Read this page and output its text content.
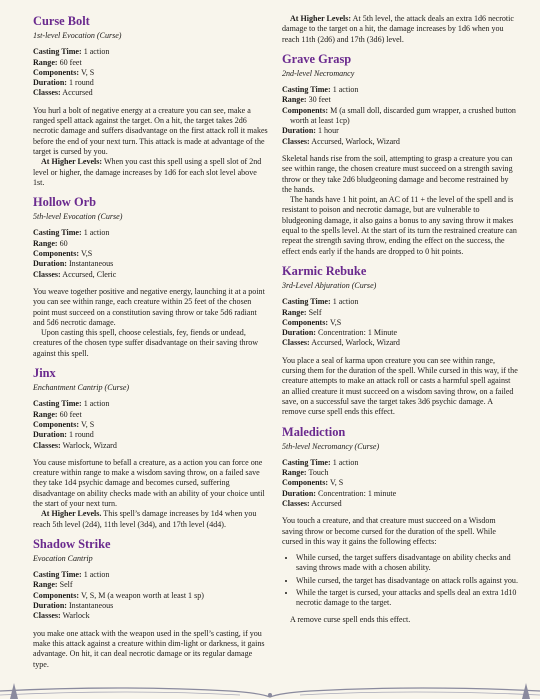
Curse Bolt
1st-level Evocation (Curse)
Casting Time: 1 action
Range: 60 feet
Components: V, S
Duration: 1 round
Classes: Accursed

You hurl a bolt of negative energy at a creature you can see, make a ranged spell attack against the target. On a hit, the target takes 2d6 necrotic damage and suffers disadvantage on the first attack roll it makes before the end of your next turn. This attack is made at advantage of the target is cursed by you.

At Higher Levels: When you cast this spell using a spell slot of 2nd level or higher, the damage increases by 1d6 for each slot level above 1st.

Hollow Orb
5th-level Evocation (Curse)
Casting Time: 1 action
Range: 60
Components: V,S
Duration: Instantaneous
Classes: Accursed, Cleric

You weave together positive and negative energy, launching it at a point you can see within range, each creature within 25 feet of the chosen point must succeed on a constitution saving throw or take 5d6 radiant and 5d6 necrotic damage.

Upon casting this spell, choose celestials, fey, fiends or undead, creatures of the chosen type suffer disadvantage on their saving throw against this spell.

Jinx
Enchantment Cantrip (Curse)
Casting Time: 1 action
Range: 60 feet
Components: V, S
Duration: 1 round
Classes: Warlock, Wizard

You cause misfortune to befall a creature, as a action you can force one creature within range to make a wisdom saving throw, on a failed save they take 1d4 psychic damage and becomes cursed, suffering disadvantage on ability checks made with an ability of your choice until the start of your next turn.

At Higher Levels. This spell’s damage increases by 1d4 when you reach 5th level (2d4), 11th level (3d4), and 17th level (4d4).

Shadow Strike
Evocation Cantrip
Casting Time: 1 action
Range: Self
Components: V, S, M (a weapon worth at least 1 sp)
Duration: Instantaneous
Classes: Warlock

you make one attack with the weapon used in the spell’s casting, if you make this attack against a creature within dim-light or darkness, it gains advantage. On hit, it can deal necrotic damage or its regular damage type.

At Higher Levels: At 5th level, the attack deals an extra 1d6 necrotic damage to the target on a hit, the damage increases by 1d6 when you reach 11th (2d6) and 17th (3d6) level.

Grave Grasp
2nd-level Necromancy
Casting Time: 1 action
Range: 30 feet
Components: M (a small doll, discarded gum wrapper, a crushed button worth at least 1cp)
Duration: 1 hour
Classes: Accursed, Warlock, Wizard

Skeletal hands rise from the soil, attempting to grasp a creature you can see within range, the chosen creature must succeed on a strength saving throw or they take 2d6 bludgeoning damage and become restrained by the hands.

The hands have 1 hit point, an AC of 11 + the level of the spell and is resistant to poison and necrotic damage, but are vulnerable to bludgeoning damage, it also gains a bonus to any saving throw it makes equal to the spells level. At the start of its turn the restrained creature can repeat the strength saving throw, ending the effect on the success, the effect ends early if the hands are dropped to 0 hit points.

Karmic Rebuke
3rd-Level Abjuration (Curse)
Casting Time: 1 action
Range: Self
Components: V,S
Duration: Concentration: 1 Minute
Classes: Accursed, Warlock, Wizard

You place a seal of karma upon creature you can see within range, cursing them for the duration of the spell. While cursed in this way, if the creature attempts to make an attack roll or casts a harmful spell against an allied creature it must succeed on a wisdom saving throw, on a failed save, on a successful save the target takes 3d6 psychic damage. A remove curse spell ends this effect.

Malediction
5th-level Necromancy (Curse)
Casting Time: 1 action
Range: Touch
Components: V, S
Duration: Concentration: 1 minute
Classes: Accursed

You touch a creature, and that creature must succeed on a Wisdom saving throw or become cursed for the duration of the spell. While cursed in this way it gains the following effects:

• While cursed, the target suffers disadvantage on ability checks and saving throws made with a chosen ability.
• While cursed, the target has disadvantage on attack rolls against you.
• While the target is cursed, your attacks and spells deal an extra 1d10 necrotic damage to the target.

A remove curse spell ends this effect.
